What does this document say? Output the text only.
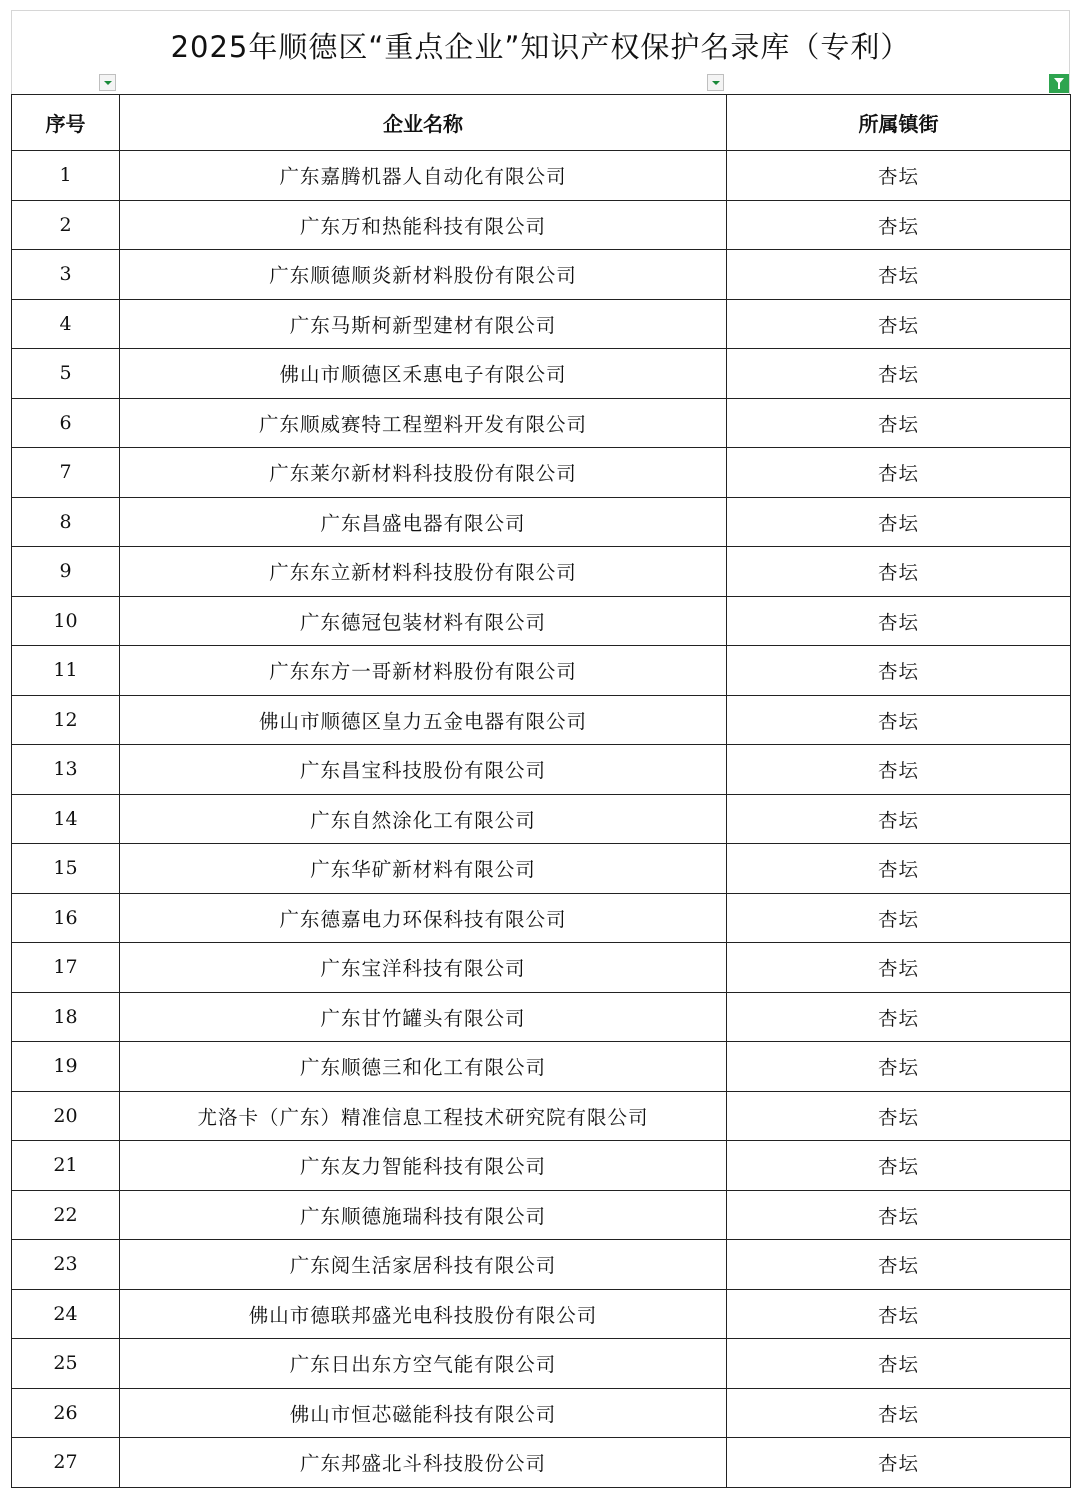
2025年顺德区“重点企业”知识产权保护名录库（专利）
序号	企业名称	所属镇街
1	广东嘉腾机器人自动化有限公司	杏坛
2	广东万和热能科技有限公司	杏坛
3	广东顺德顺炎新材料股份有限公司	杏坛
4	广东马斯柯新型建材有限公司	杏坛
5	佛山市顺德区禾惠电子有限公司	杏坛
6	广东顺威赛特工程塑料开发有限公司	杏坛
7	广东莱尔新材料科技股份有限公司	杏坛
8	广东昌盛电器有限公司	杏坛
9	广东东立新材料科技股份有限公司	杏坛
10	广东德冠包装材料有限公司	杏坛
11	广东东方一哥新材料股份有限公司	杏坛
12	佛山市顺德区皇力五金电器有限公司	杏坛
13	广东昌宝科技股份有限公司	杏坛
14	广东自然涂化工有限公司	杏坛
15	广东华矿新材料有限公司	杏坛
16	广东德嘉电力环保科技有限公司	杏坛
17	广东宝洋科技有限公司	杏坛
18	广东甘竹罐头有限公司	杏坛
19	广东顺德三和化工有限公司	杏坛
20	尤洛卡（广东）精准信息工程技术研究院有限公司	杏坛
21	广东友力智能科技有限公司	杏坛
22	广东顺德施瑞科技有限公司	杏坛
23	广东阅生活家居科技有限公司	杏坛
24	佛山市德联邦盛光电科技股份有限公司	杏坛
25	广东日出东方空气能有限公司	杏坛
26	佛山市恒芯磁能科技有限公司	杏坛
27	广东邦盛北斗科技股份公司	杏坛
